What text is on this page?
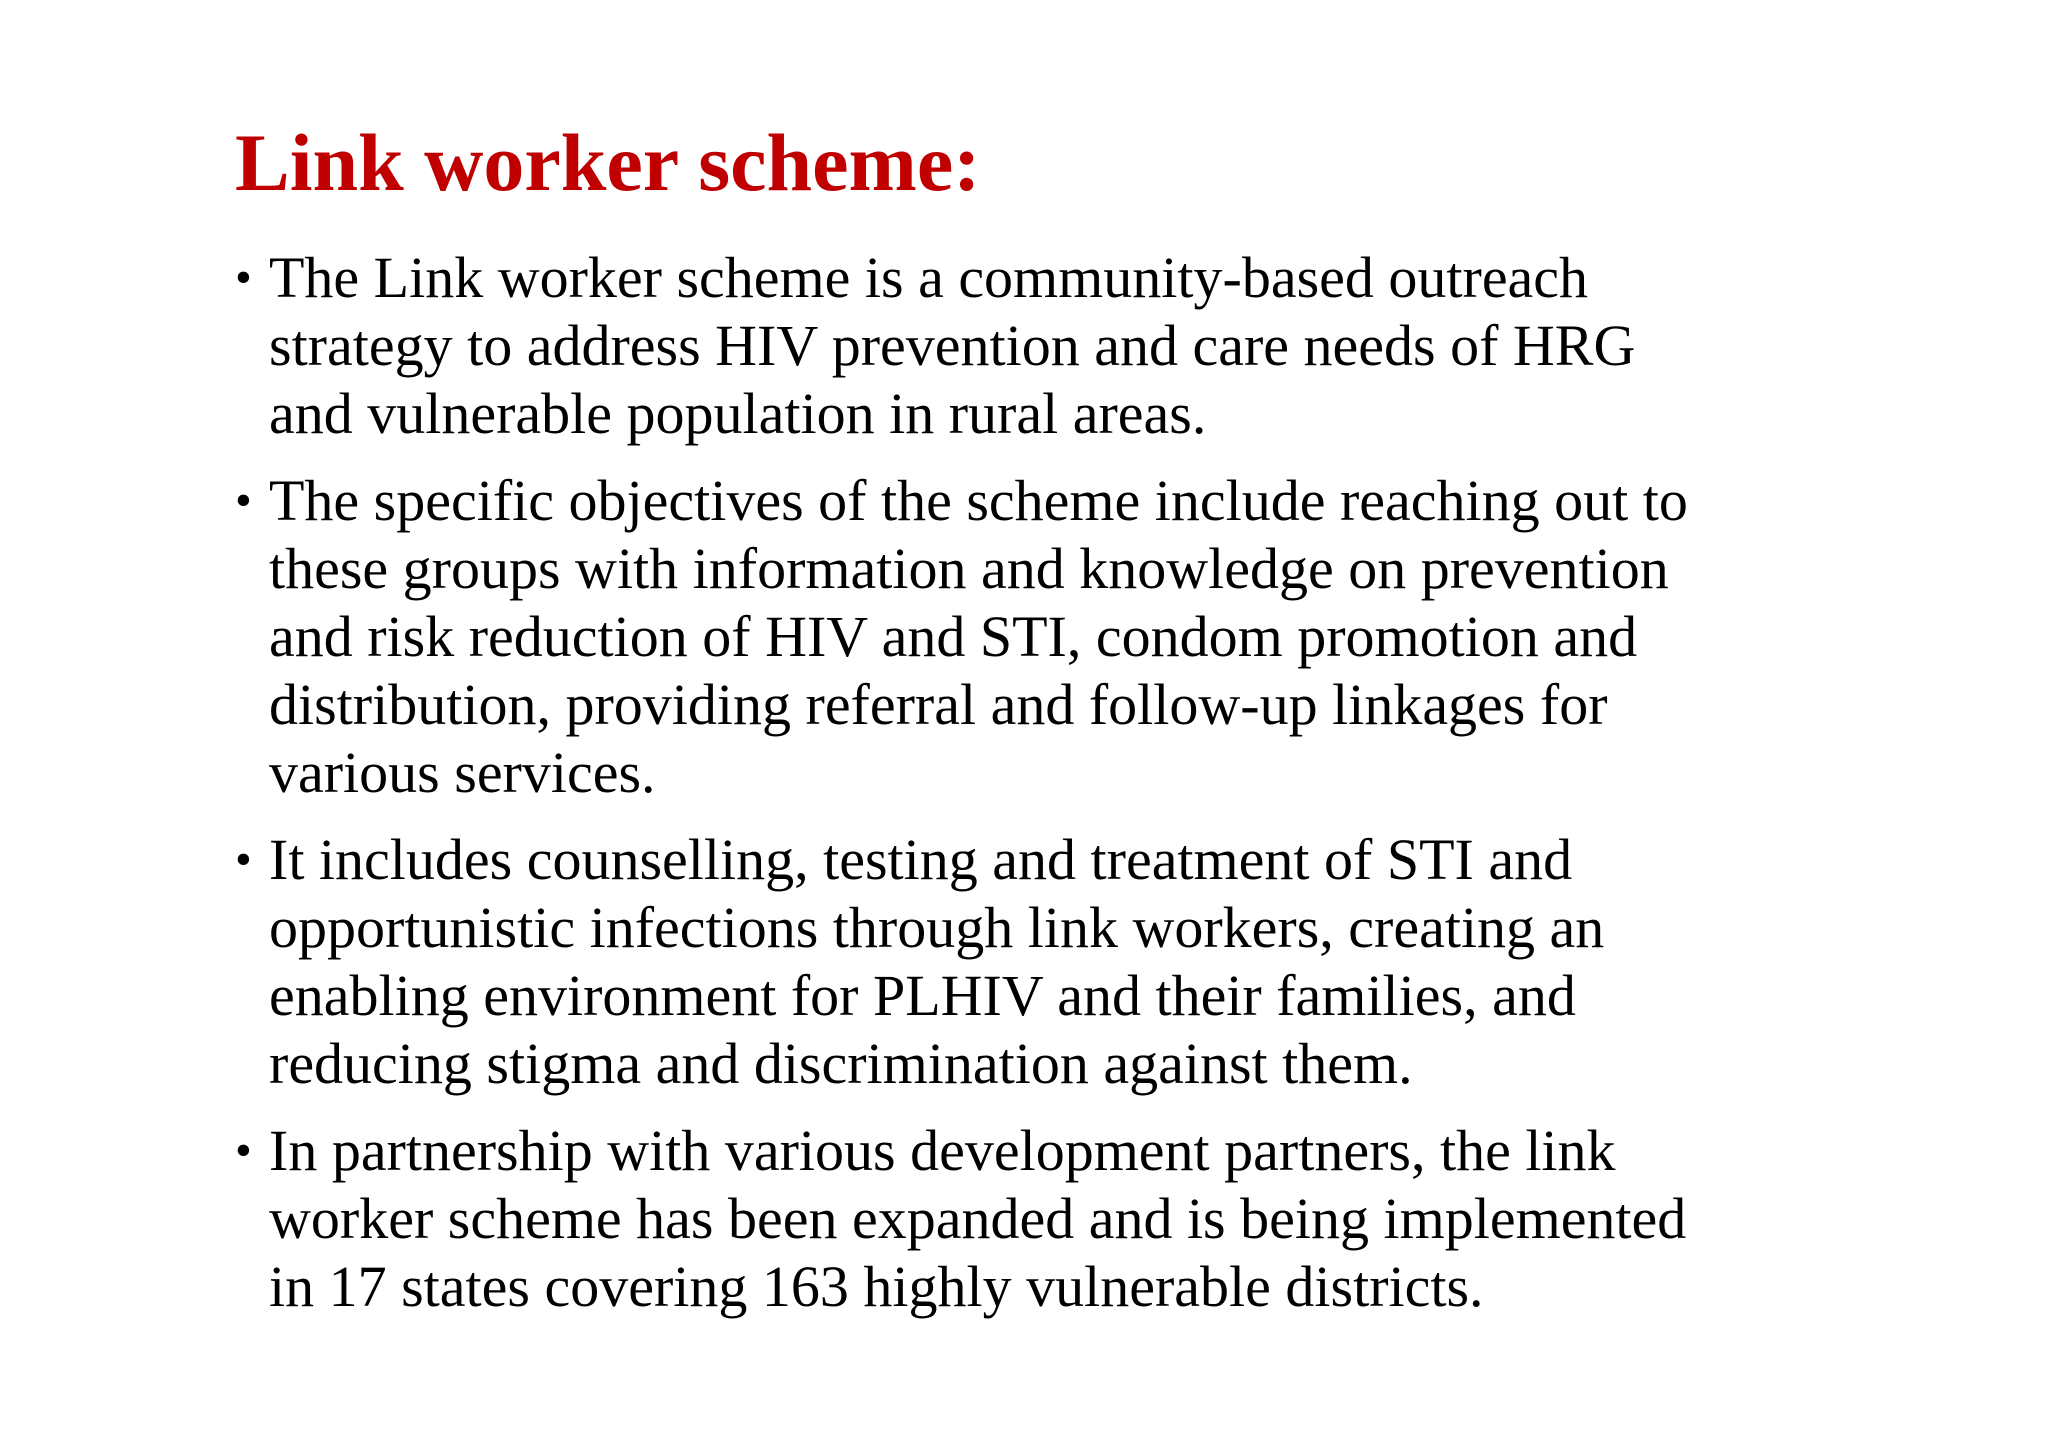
Link worker scheme:
• The Link worker scheme is a community-based outreach
strategy to address HIV prevention and care needs of HRG
and vulnerable population in rural areas.
• The specific objectives of the scheme include reaching out to
these groups with information and knowledge on prevention
and risk reduction of HIV and STI, condom promotion and
distribution, providing referral and follow-up linkages for
various services.
• It includes counselling, testing and treatment of STI and
opportunistic infections through link workers, creating an
enabling environment for PLHIV and their families, and
reducing stigma and discrimination against them.
• In partnership with various development partners, the link
worker scheme has been expanded and is being implemented
in 17 states covering 163 highly vulnerable districts.
